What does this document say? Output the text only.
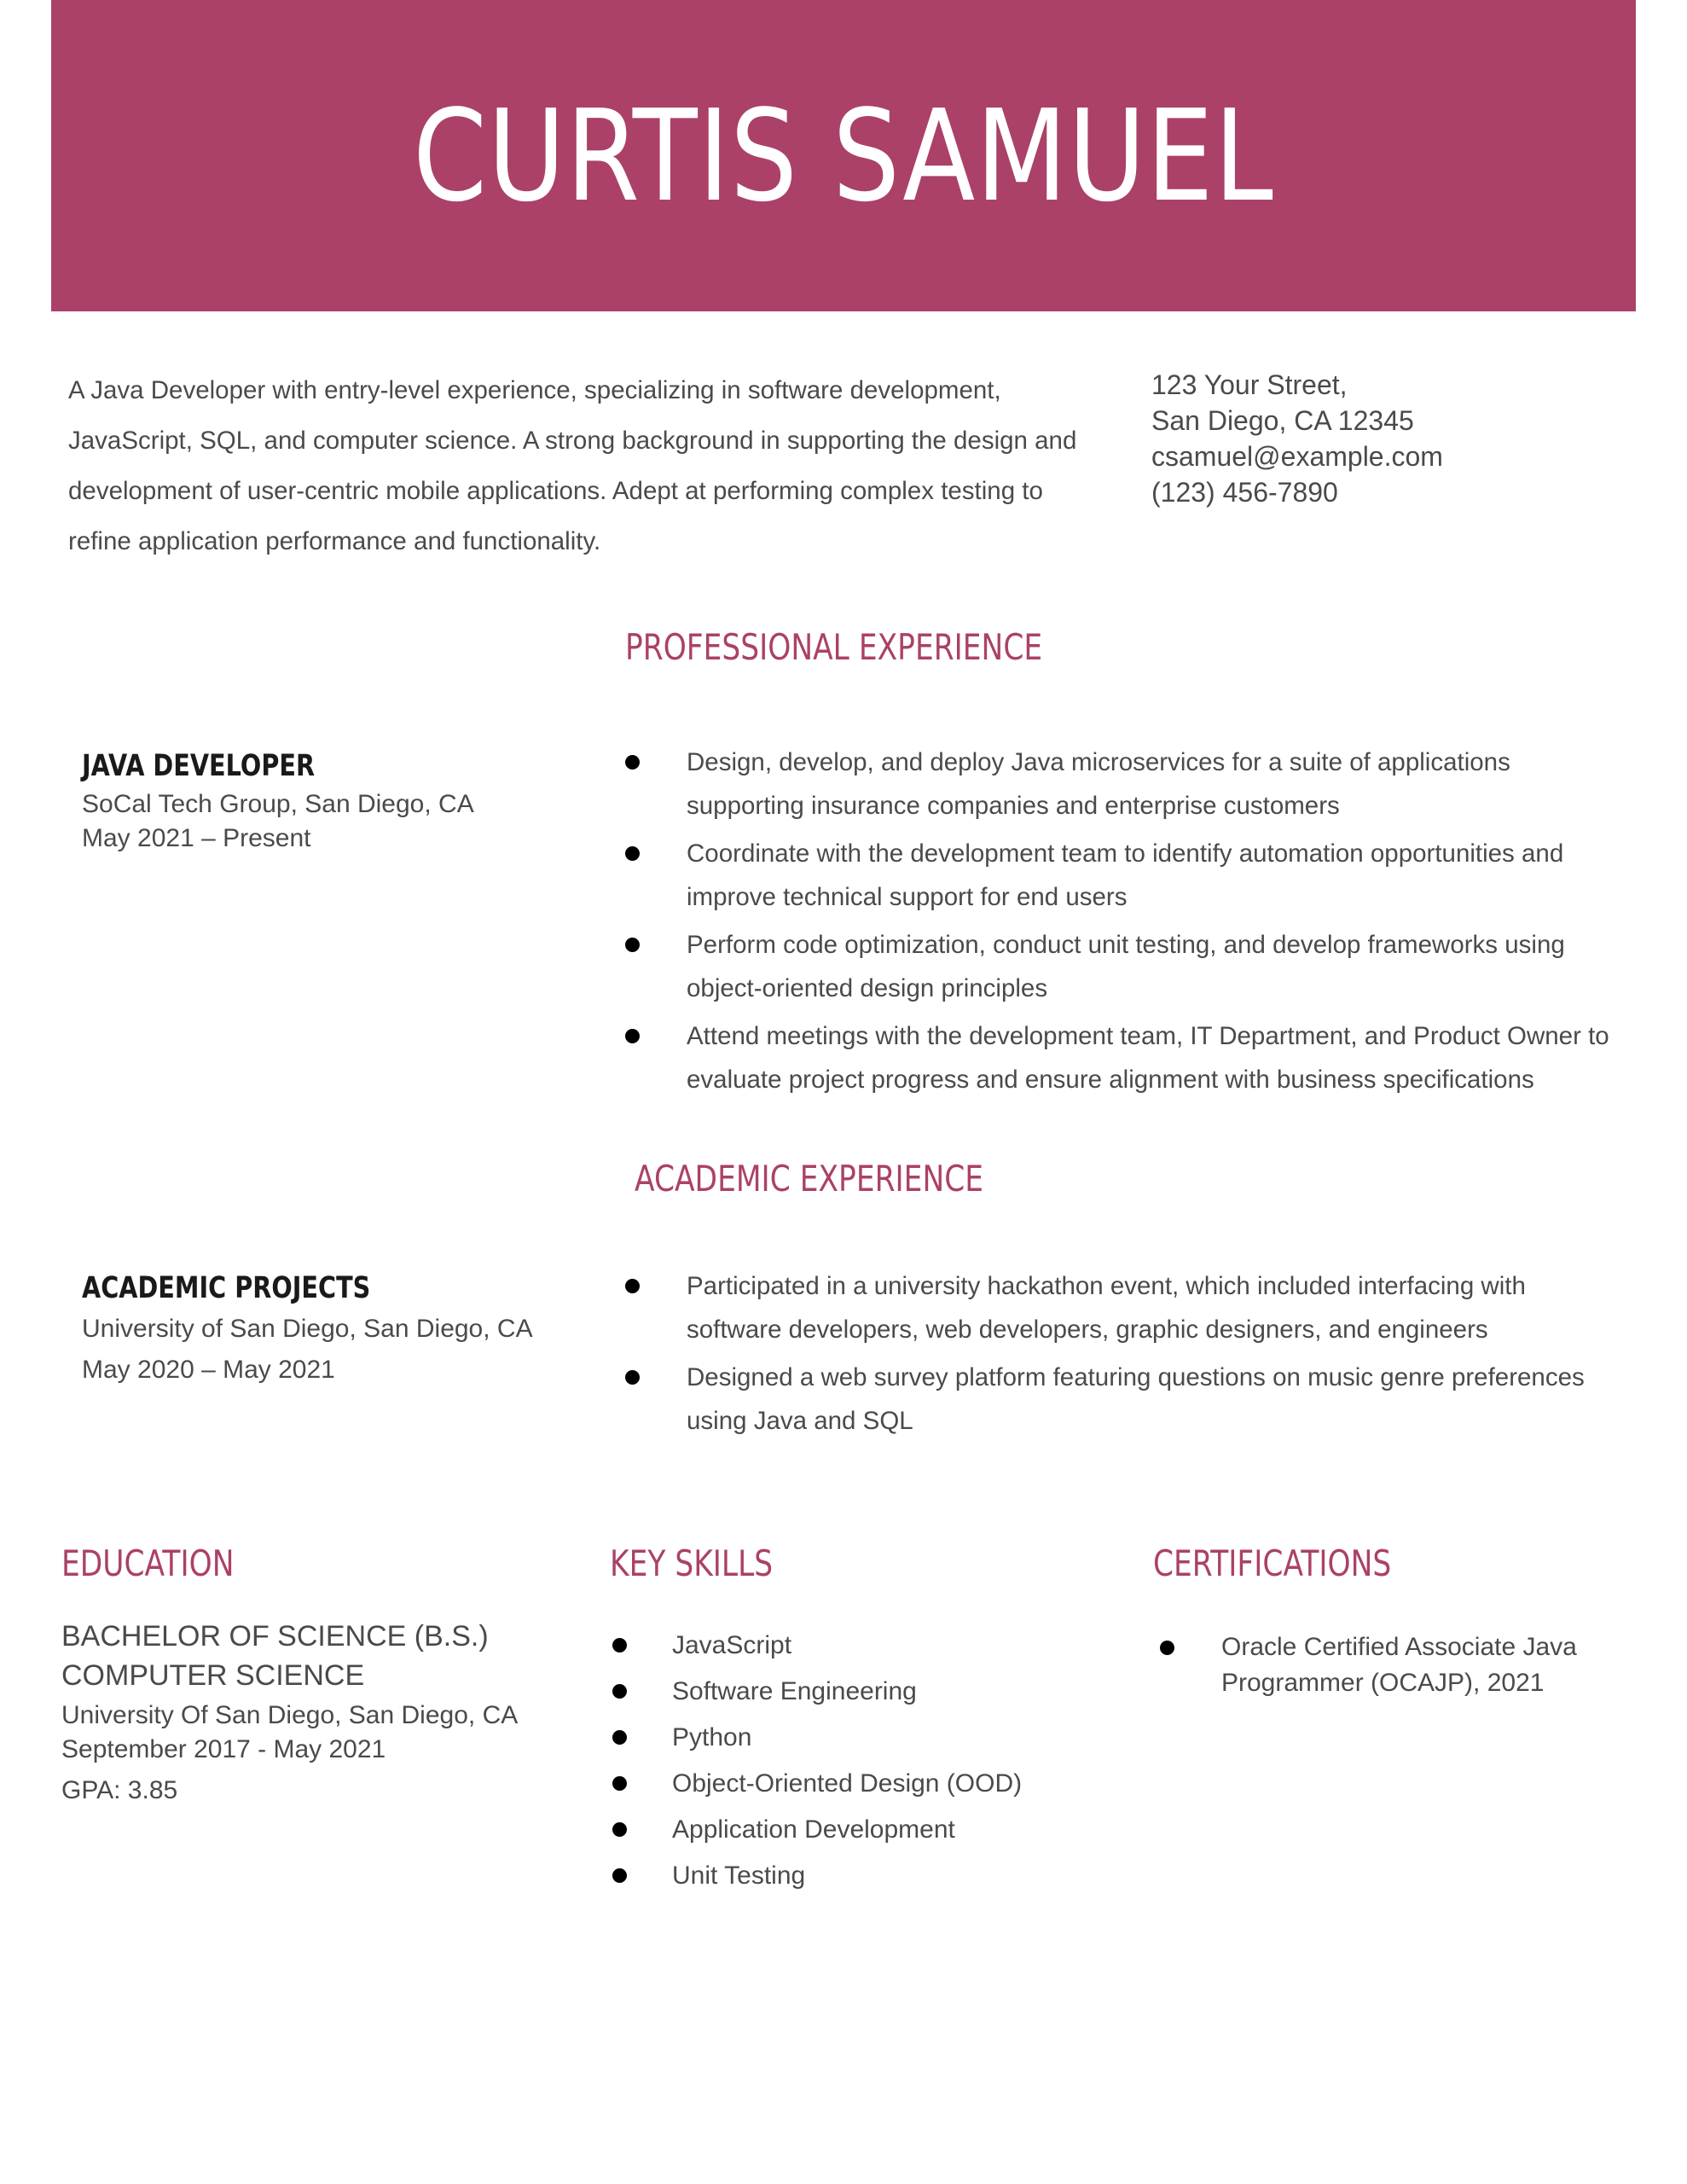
CURTIS SAMUEL

A Java Developer with entry-level experience, specializing in software development, JavaScript, SQL, and computer science. A strong background in supporting the design and development of user-centric mobile applications. Adept at performing complex testing to refine application performance and functionality.

123 Your Street,
San Diego, CA 12345
csamuel@example.com
(123) 456-7890
PROFESSIONAL EXPERIENCE
JAVA DEVELOPER
SoCal Tech Group, San Diego, CA
May 2021 – Present
Design, develop, and deploy Java microservices for a suite of applications supporting insurance companies and enterprise customers
Coordinate with the development team to identify automation opportunities and improve technical support for end users
Perform code optimization, conduct unit testing, and develop frameworks using object-oriented design principles
Attend meetings with the development team, IT Department, and Product Owner to evaluate project progress and ensure alignment with business specifications
ACADEMIC EXPERIENCE
ACADEMIC PROJECTS
University of San Diego, San Diego, CA
May 2020 – May 2021
Participated in a university hackathon event, which included interfacing with software developers, web developers, graphic designers, and engineers
Designed a web survey platform featuring questions on music genre preferences using Java and SQL
EDUCATION
BACHELOR OF SCIENCE (B.S.)
COMPUTER SCIENCE
University Of San Diego, San Diego, CA
September 2017 - May 2021
GPA: 3.85
KEY SKILLS
JavaScript
Software Engineering
Python
Object-Oriented Design (OOD)
Application Development
Unit Testing
CERTIFICATIONS
Oracle Certified Associate Java Programmer (OCAJP), 2021
